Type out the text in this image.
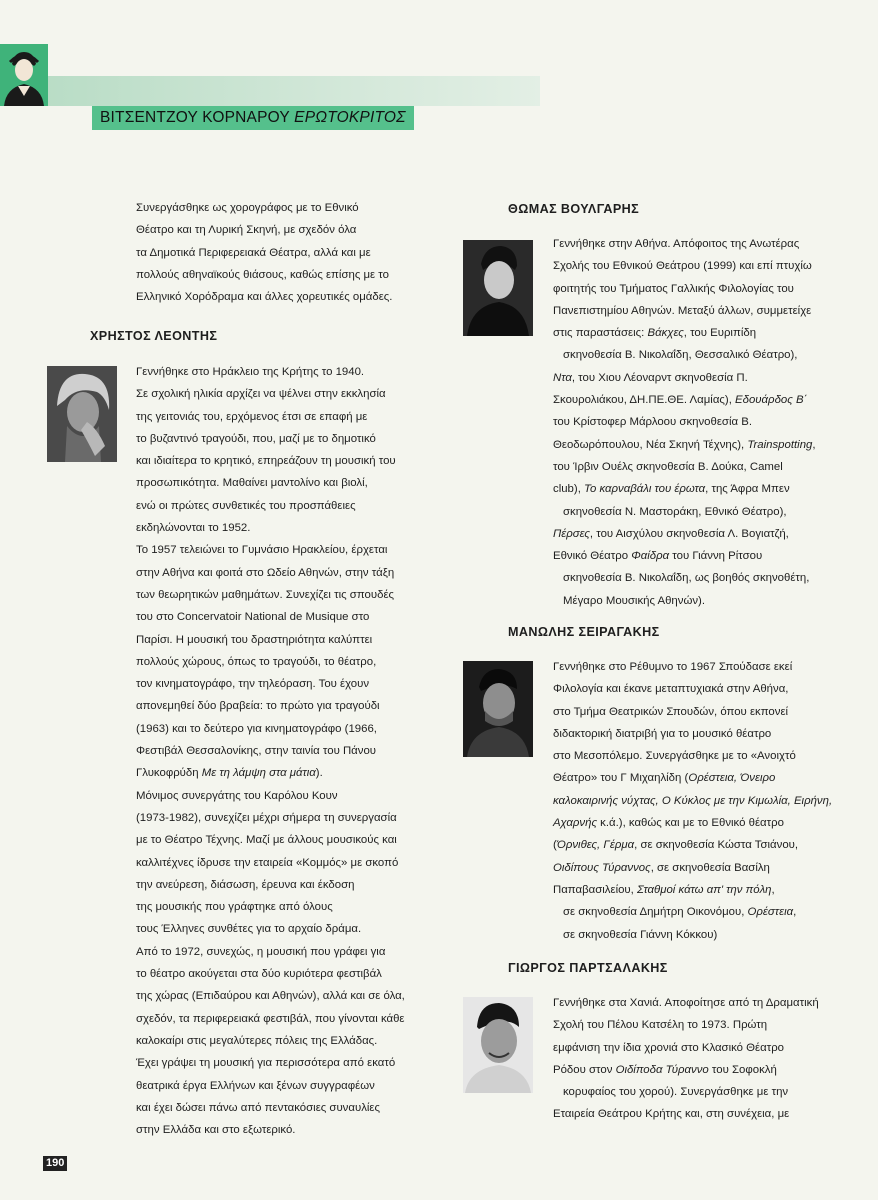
ΒΙΤΣΕΝΤΖΟΥ ΚΟΡΝΑΡΟΥ ΕΡΩΤΟΚΡΙΤΟΣ
Συνεργάσθηκε ως χορογράφος με το Εθνικό
Θέατρο και τη Λυρική Σκηνή, με σχεδόν όλα
τα Δημοτικά Περιφερειακά Θέατρα, αλλά και με
πολλούς αθηναϊκούς θιάσους, καθώς επίσης με το
Ελληνικό Χορόδραμα και άλλες χορευτικές ομάδες.
ΧΡΗΣΤΟΣ ΛΕΟΝΤΗΣ
Γεννήθηκε στο Ηράκλειο της Κρήτης το 1940.
Σε σχολική ηλικία αρχίζει να ψέλνει στην εκκλησία
της γειτονιάς του, ερχόμενος έτσι σε επαφή με
το βυζαντινό τραγούδι, που, μαζί με το δημοτικό
και ιδιαίτερα το κρητικό, επηρεάζουν τη μουσική του
προσωπικότητα. Μαθαίνει μαντολίνο και βιολί,
ενώ οι πρώτες συνθετικές του προσπάθειες
εκδηλώνονται το 1952.
Το 1957 τελειώνει το Γυμνάσιο Ηρακλείου, έρχεται
στην Αθήνα και φοιτά στο Ωδείο Αθηνών, στην τάξη
των θεωρητικών μαθημάτων. Συνεχίζει τις σπουδές
του στο Concervatoir National de Musique στο
Παρίσι. Η μουσική του δραστηριότητα καλύπτει
πολλούς χώρους, όπως το τραγούδι, το θέατρο,
τον κινηματογράφο, την τηλεόραση. Του έχουν
απονεμηθεί δύο βραβεία: το πρώτο για τραγούδι
(1963) και το δεύτερο για κινηματογράφο (1966,
Φεστιβάλ Θεσσαλονίκης, στην ταινία του Πάνου
Γλυκοφρύδη Με τη λάμψη στα μάτια).
Μόνιμος συνεργάτης του Καρόλου Κουν
(1973-1982), συνεχίζει μέχρι σήμερα τη συνεργασία
με το Θέατρο Τέχνης. Μαζί με άλλους μουσικούς και
καλλιτέχνες ίδρυσε την εταιρεία «Κομμός» με σκοπό
την ανεύρεση, διάσωση, έρευνα και έκδοση
της μουσικής που γράφτηκε από όλους
τους Έλληνες συνθέτες για το αρχαίο δράμα.
Από το 1972, συνεχώς, η μουσική που γράφει για
το θέατρο ακούγεται στα δύο κυριότερα φεστιβάλ
της χώρας (Επιδαύρου και Αθηνών), αλλά και σε όλα,
σχεδόν, τα περιφερειακά φεστιβάλ, που γίνονται κάθε
καλοκαίρι στις μεγαλύτερες πόλεις της Ελλάδας.
Έχει γράψει τη μουσική για περισσότερα από εκατό
θεατρικά έργα Ελλήνων και ξένων συγγραφέων
και έχει δώσει πάνω από πεντακόσιες συναυλίες
στην Ελλάδα και στο εξωτερικό.
ΘΩΜΑΣ ΒΟΥΛΓΑΡΗΣ
Γεννήθηκε στην Αθήνα. Απόφοιτος της Ανωτέρας
Σχολής του Εθνικού Θεάτρου (1999) και επί πτυχίω
φοιτητής του Τμήματος Γαλλικής Φιλολογίας του
Πανεπιστημίου Αθηνών. Μεταξύ άλλων, συμμετείχε
στις παραστάσεις: Βάκχες, του Ευριπίδη
σκηνοθεσία Β. Νικολαΐδη, Θεσσαλικό Θέατρο),
Ντα, του Χιου Λέοναρντ σκηνοθεσία Π.
Σκουρολιάκου, ΔΗ.ΠΕ.ΘΕ. Λαμίας), Εδουάρδος Β΄
του Κρίστοφερ Μάρλοου σκηνοθεσία Β.
Θεοδωρόπουλου, Νέα Σκηνή Τέχνης), Trainspotting,
του Ίρβιν Ουέλς σκηνοθεσία Β. Δούκα, Camel
club), Το καρναβάλι του έρωτα, της Άφρα Μπεν
σκηνοθεσία Ν. Μαστοράκη, Εθνικό Θέατρο),
Πέρσες, του Αισχύλου σκηνοθεσία Λ. Βογιατζή,
Εθνικό Θέατρο Φαίδρα του Γιάννη Ρίτσου
σκηνοθεσία Β. Νικολαΐδη, ως βοηθός σκηνοθέτη,
Μέγαρο Μουσικής Αθηνών).
ΜΑΝΩΛΗΣ ΣΕΙΡΑΓΑΚΗΣ
Γεννήθηκε στο Ρέθυμνο το 1967 Σπούδασε εκεί
Φιλολογία και έκανε μεταπτυχιακά στην Αθήνα,
στο Τμήμα Θεατρικών Σπουδών, όπου εκπονεί
διδακτορική διατριβή για το μουσικό θέατρο
στο Μεσοπόλεμο. Συνεργάσθηκε με το «Ανοιχτό
Θέατρο» του Γ Μιχαηλίδη (Ορέστεια, Όνειρο
καλοκαιρινής νύχτας, Ο Κύκλος με την Κιμωλία, Ειρήνη,
Αχαρνής κ.ά.), καθώς και με το Εθνικό θέατρο
(Όρνιθες, Γέρμα, σε σκηνοθεσία Κώστα Τσιάνου,
Οιδίπους Τύραννος, σε σκηνοθεσία Βασίλη
Παπαβασιλείου, Σταθμοί κάτω απ' την πόλη,
σε σκηνοθεσία Δημήτρη Οικονόμου, Ορέστεια,
σε σκηνοθεσία Γιάννη Κόκκου)
ΓΙΩΡΓΟΣ ΠΑΡΤΣΑΛΑΚΗΣ
Γεννήθηκε στα Χανιά. Αποφοίτησε από τη Δραματική
Σχολή του Πέλου Κατσέλη το 1973. Πρώτη
εμφάνιση την ίδια χρονιά στο Κλασικό Θέατρο
Ρόδου στον Οιδίποδα Τύραννο του Σοφοκλή
κορυφαίος του χορού). Συνεργάσθηκε με την
Εταιρεία Θεάτρου Κρήτης και, στη συνέχεια, με
190
